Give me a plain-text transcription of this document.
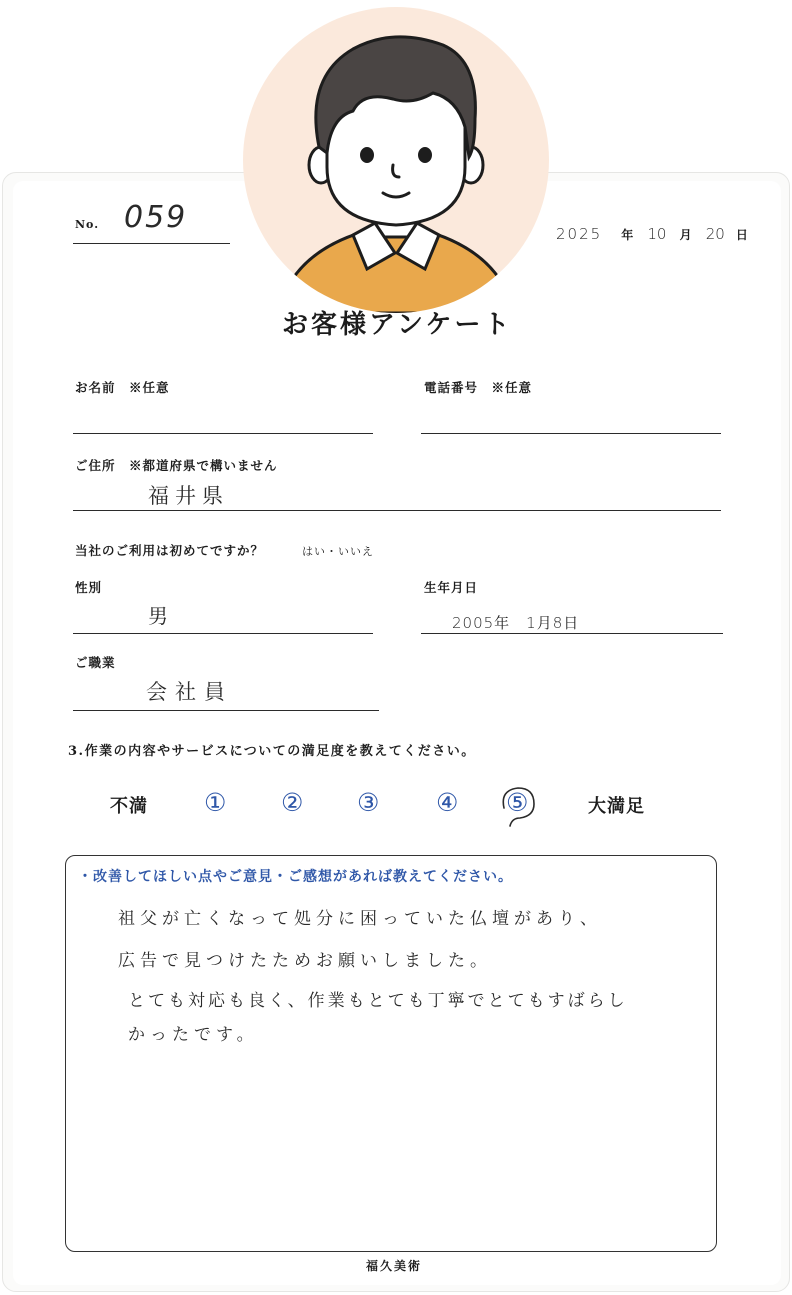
No. 059	2025 年 10 月 20 日
お客様アンケート
お名前　※任意	電話番号　※任意
ご住所　※都道府県で構いません
福井県
当社のご利用は初めてですか？	はい・いいえ
性別
男
生年月日
2005年　1月8日
ご職業
会社員
3.作業の内容やサービスについての満足度を教えてください。
不満 ① ② ③ ④ ⑤	大満足
・改善してほしい点やご意見・ご感想があれば教えてください。
祖父が亡くなって処分に困っていた仏壇があり、
広告で見つけたためお願いしました。
とても対応も良く、作業もとても丁寧でとてもすばらし
かったです。
福久美術
